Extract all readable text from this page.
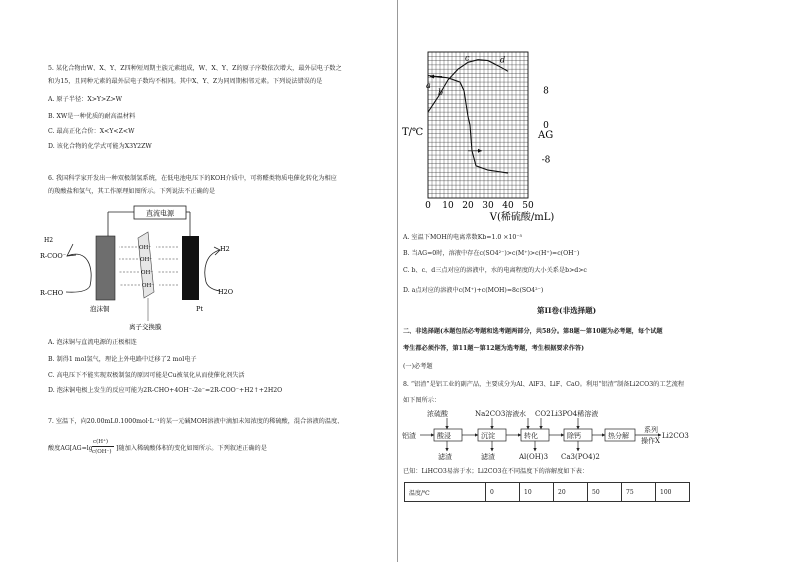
5. 某化合物由W、X、Y、Z四种短周期主族元素组成，W、X、Y、Z的原子序数依次增大，最外层电子数之
和为15，且同种元素的最外层电子数均不相同。其中X、Y、Z为同周期相邻元素。下列说法错误的是
A. 原子半径：X>Y>Z>W
B. XW是一种优质的耐高温材料
C. 最高正化合价：X<Y<Z<W
D. 该化合物的化学式可能为X3Y2ZW
6. 我国科学家开发出一种双极制氢系统，在低电池电压下的KOH介质中，可将醛类物质电催化转化为相应
的羧酸盐和氢气，其工作原理如图所示。下列说法不正确的是
直流电源
OH⁻
OH⁻
OH⁻
OH⁻
H2
R-COO⁻
R-CHO
H2
H2O
泡沫铜
离子交换膜
Pt
A. 泡沫铜与直流电源的正极相连
B. 制得1 mol氢气，理论上外电路中迁移了2 mol电子
C. 高电压下不能实现双极制氢的原因可能是Cu被氧化从而使催化剂失活
D. 泡沫铜电极上发生的反应可能为2R-CHO+4OH⁻-2e⁻=2R-COO⁻+H2↑+2H2O
7. 室温下，向20.00mL0.1000mol·L⁻¹的某一元碱MOH溶液中滴加未知浓度的稀硫酸，混合溶液的温度、
酸度AG[AG=lg
c(H⁺)
c(OH⁻) ]随加入稀硫酸体积的变化如图所示。下列叙述正确的是
0 10 20 30 40 50
8
0
-8
V(稀硫酸/mL)
T/℃	AG
a
b
c	d
A. 室温下MOH的电离常数Kb=1.0 ×10⁻⁵
B. 当AG=0时，溶液中存在c(SO4²⁻)>c(M⁺)>c(H⁺)=c(OH⁻)
C. b、c、d三点对应的溶液中，水的电离程度的大小关系是b>d>c
D. a点对应的溶液中c(M⁺)+c(MOH)=8c(SO4²⁻)
第II卷(非选择题)
二、非选择题(本题包括必考题和选考题两部分，共58分。第8题～第10题为必考题，每个试题
考生都必须作答，第11题～第12题为选考题，考生根据要求作答)
(一)必考题
8. “铝渣”是铝工业的副产品，主要成分为Al、AlF3、LiF、CaO。利用“铝渣”制备Li2CO3的工艺流程
如下图所示：
浓硫酸	Na2CO3溶液 水 CO2 Li3PO4稀溶液
铝渣	酸浸	沉淀	转化	除钙	热分解
系列
操作X
Li2CO3
滤渣	滤渣	Al(OH)3 Ca3(PO4)2
已知：LiHCO3易溶于水；Li2CO3在不同温度下的溶解度如下表：
温度/℃	0	10	20	50	75	100
